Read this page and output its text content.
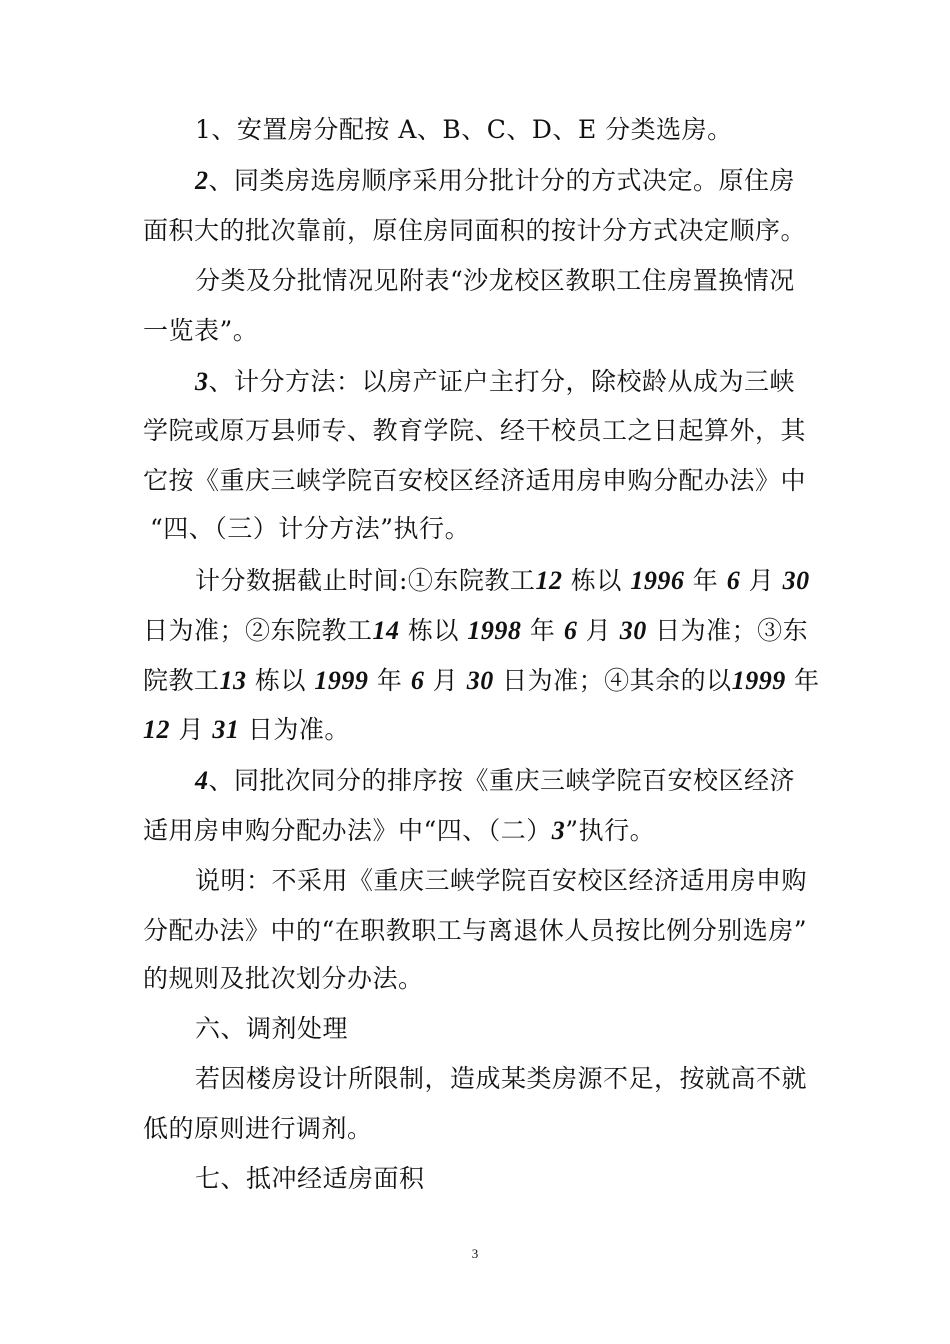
1、安置房分配按 A、B、C、D、E 分类选房。
2、同类房选房顺序采用分批计分的方式决定。原住房
面积大的批次靠前，原住房同面积的按计分方式决定顺序。
分类及分批情况见附表“沙龙校区教职工住房置换情况
一览表”。
3、计分方法：以房产证户主打分，除校龄从成为三峡
学院或原万县师专、教育学院、经干校员工之日起算外，其
它按《重庆三峡学院百安校区经济适用房申购分配办法》中
“四、（三）计分方法”执行。
计分数据截止时间:①东院教工12 栋以 1996 年 6 月 30
日为准；②东院教工14 栋以 1998 年 6 月 30 日为准；③东
院教工13 栋以 1999 年 6 月 30 日为准；④其余的以1999 年
12 月 31 日为准。
4、同批次同分的排序按《重庆三峡学院百安校区经济
适用房申购分配办法》中“四、（二）3”执行。
说明：不采用《重庆三峡学院百安校区经济适用房申购
分配办法》中的“在职教职工与离退休人员按比例分别选房”
的规则及批次划分办法。
六、调剂处理
若因楼房设计所限制，造成某类房源不足，按就高不就
低的原则进行调剂。
七、抵冲经适房面积
3
